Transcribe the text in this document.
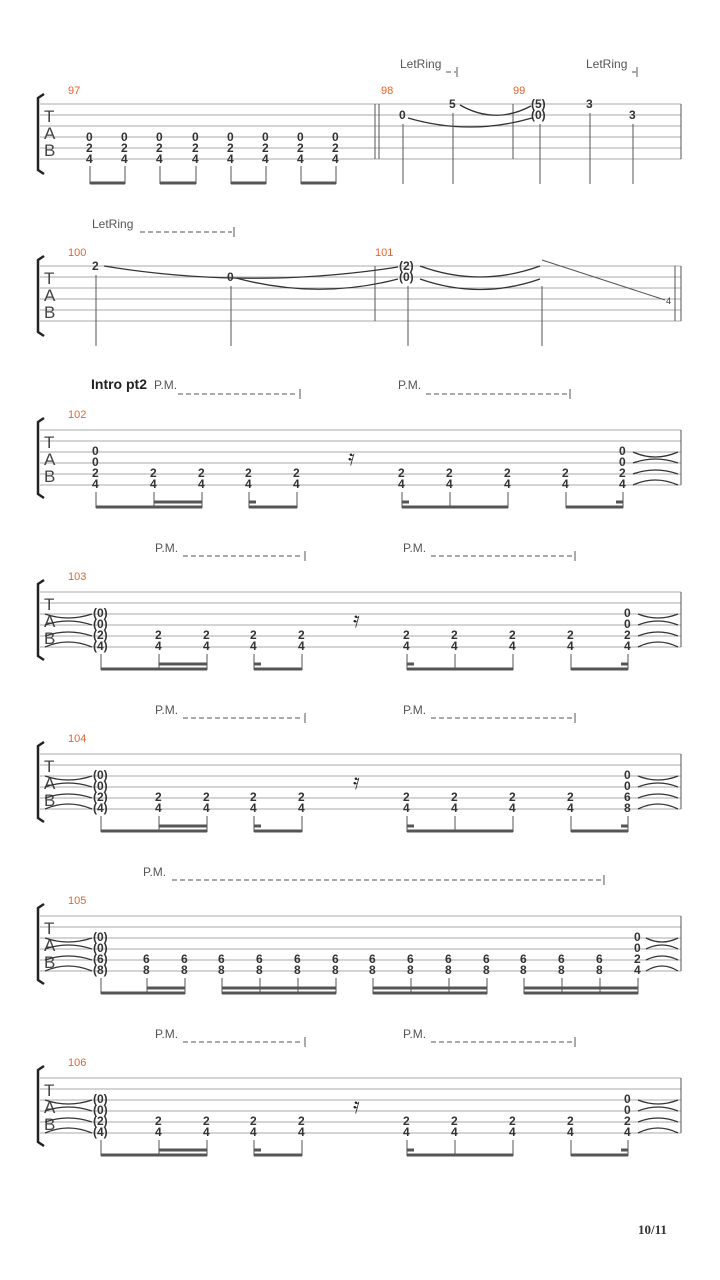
LetRing	LetRing
97	98	99
T
A
B
0
2
4
0
2
4
0
2
4
0
2
4
0
2
4
0
2
4
0
2
4
0
2
4
0
5	(5)
(0)
3
3
LetRing
100	101
T
A
B
2
0
(2)
(0)
4
Intro pt2 P.M.	P.M.
102
T
A
B
𝄿
0
0
2
4
2
4
2
4
2
4
2
4
2
4
2
4
2
4
2
4
0
0
2
4
P.M.	P.M.
103
T
A
B
𝄿
(0)
(0)
(2)
(4)
2
4
2
4
2
4
2
4
2
4
2
4
2
4
2
4
0
0
2
4
P.M.	P.M.
104
T
A
B
𝄿
(0)
(0)
(2)
(4)
2
4
2
4
2
4
2
4
2
4
2
4
2
4
2
4
0
0
6
8
P.M.
105
T
A
B
(0)
(0)
(6)
(8)
6
8
6
8
6
8
6
8
6
8
6
8
6
8
6
8
6
8
6
8
6
8
6
8
6
8
0
0
2
4
P.M.	P.M.
106
T
A
B
𝄿
(0)
(0)
(2)
(4)
2
4
2
4
2
4
2
4
2
4
2
4
2
4
2
4
0
0
2
4
10/11
